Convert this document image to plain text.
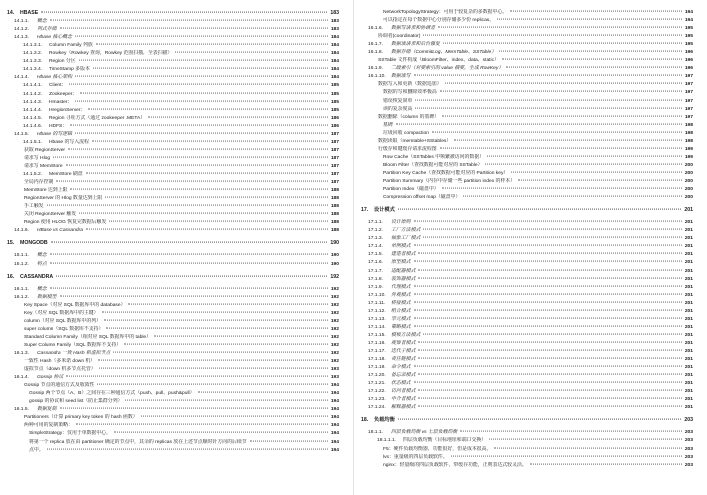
14. HBASE	183
14.1.1. 概念	183
14.1.2. 列式存储	183
14.1.3. Hbase 核心概念	184
14.1.3.1. Column Family 列族	184
14.1.3.2. Rowkey（Rowkey 查询，Rowkey 范围扫描，全表扫描）	184
14.1.3.3. Region 分区	184
14.1.3.4. TimeStamp 多版本	184
14.1.4. Hbase 核心架构	184
14.1.4.1. Client：	185
14.1.4.2. Zookeeper：	185
14.1.4.3. Hmaster：	185
14.1.4.4. HregionServer：	185
14.1.4.5. Region 寻址方式（通过 zookeeper .META）	186
14.1.4.6. HDFS：	186
14.1.5. Hbase 的写逻辑	187
14.1.5.1. Hbase 的写入流程	187
获取 RegionServer	187
请求写 Hlog	187
请求写 MemStore	187
14.1.5.2. MemStore 刷盘	187
全局内存控制	187
MemStore 达到上限	188
RegionServer 的 Hlog 数量达到上限	188
手工触发	188
关闭 RegionServer 触发	188
Region 使用 HLOG 恢复完数据后触发	188
14.1.6. HBase vs Cassandra	188
15. MONGODB	190
15.1.1. 概念	190
15.1.2. 特点	190
16. CASSANDRA	192
16.1.1. 概念	192
16.1.2. 数据模型	192
Key Space（对应 SQL 数据库中的 database）	192
Key（对应 SQL 数据库中的主键）	192
column（对应 SQL 数据库中的列）	192
super column（SQL 数据库不支持）	192
Standard Column Family（相对应 SQL 数据库中的 table）	192
Super Column Family（SQL 数据库不支持）	192
16.1.3. Cassandra 一致 Hash 和虚拟节点	192
一致性 Hash（多米诺 down 机）	192
虚拟节点（down 机多节点托管）	193
16.1.4. Gossip 协议	193
Gossip 节点的通信方式及收敛性	194
Gossip 两个节点（A、B）之间存在三种通信方式（push、pull、push&pull）	194
gossip 的协议和 seed list（防止集群分列）	194
16.1.5. 数据复制	194
Partitioners（计算 primary key token 的 hash 函数）	194
两种可用的复制策略：	194
SimpleStrategy：仅用于单数据中心，	194
将第一个 replica 放在由 partitioner 确定的节点中，其余的 replicas 放在上述节点顺时针方向的后续节	194
点中。	194
NetworkTopologyStrategy：可用于较复杂的多数据中心。	194
可以指定在每个数据中心分别存储多少份 replicas。	194
16.1.6. 数据写请求和协调者	195
协调者(coordinator)	195
16.1.7. 数据读请求和后台修复	195
16.1.8. 数据存储（CommitLog、MemTable、SSTable）	196
SSTable 文件构成（BloomFilter、index、data、static）	196
16.1.9. 二级索引（对要索引的 value 摘要，生成 RowKey）	196
16.1.10. 数据读写	197
数据写入和更新（数据追加）	197
数据的写和删除效率极高	197
错误恢复简单	197
读的复杂度高	197
数据删除（column 的墓碑）	197
墓碑	198
垃圾回收 compaction	198
数据读取（memtable+SStables）	198
行缓存和键缓存请求流程图	199
Row Cache（SSTables 中频繁被访问的数据）	199
Bloom Filter（查找数据可能对应的 SSTable）	200
Partition Key Cache（查找数据可能对应的 Partition key）	200
Partition Summary（内存中存储一些 partition index 的样本）	200
Partition Index（磁盘中）	200
Compression offset map（磁盘中）	200
17. 设计模式	201
17.1.1. 设计原则	201
17.1.2. 工厂方法模式	201
17.1.3. 抽象工厂模式	201
17.1.4. 单例模式	201
17.1.5. 建造者模式	201
17.1.6. 原型模式	201
17.1.7. 适配器模式	201
17.1.8. 装饰器模式	201
17.1.9. 代理模式	201
17.1.10. 外观模式	201
17.1.11. 桥接模式	201
17.1.12. 组合模式	201
17.1.13. 享元模式	201
17.1.14. 策略模式	201
17.1.15. 模板方法模式	201
17.1.16. 观察者模式	201
17.1.17. 迭代子模式	201
17.1.18. 责任链模式	201
17.1.19. 命令模式	201
17.1.20. 备忘录模式	201
17.1.21. 状态模式	201
17.1.22. 访问者模式	201
17.1.23. 中介者模式	201
17.1.24. 解释器模式	201
18. 负载均衡	203
18.1.1. 四层负载均衡 vs 七层负载均衡	203
18.1.1.1. 四层负载均衡（目标地址和端口交换）	203
F5：硬件负载均衡器，功能很好，但是成本很高。	203
lvs：重量级的四层负载软件。	203
nginx：轻量级的四层负载软件，带缓存功能，正则表达式较灵活。	203
